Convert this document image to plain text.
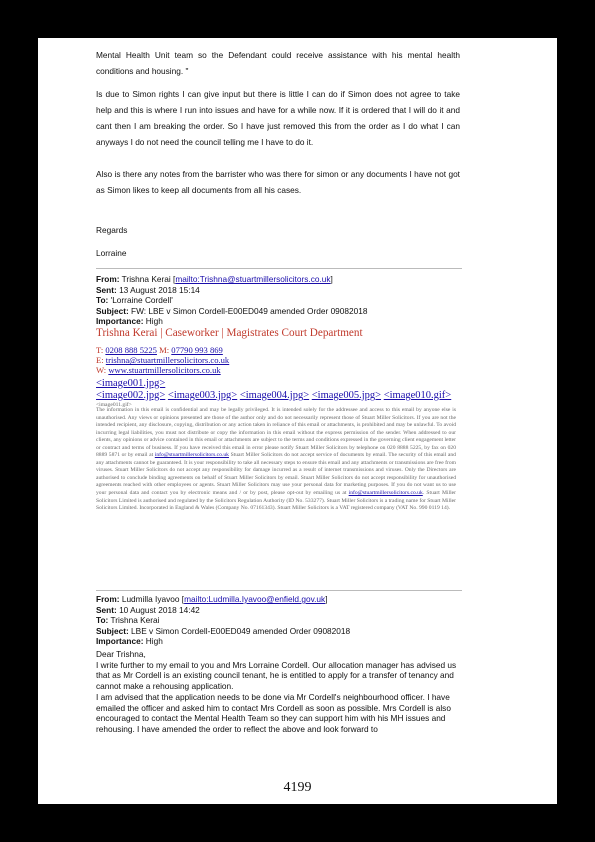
Mental Health Unit team so the Defendant could receive assistance with his mental health conditions and housing. "
Is due to Simon rights I can give input but there is little I can do if Simon does not agree to take help and this is where I run into issues and have for a while now. If it is ordered that I will do it and cant then I am breaking the order. So I have just removed this from the order as I do what I can anyways I do not need the council telling me I have to do it.
Also is there any notes from the barrister who was there for simon or any documents I have not got as Simon likes to keep all documents from all his cases.
Regards
Lorraine
From: Trishna Kerai [mailto:Trishna@stuartmillersolicitors.co.uk]
Sent: 13 August 2018 15:14
To: 'Lorraine Cordell'
Subject: FW: LBE v Simon Cordell-E00ED049 amended Order 09082018
Importance: High
Trishna Kerai | Caseworker | Magistrates Court Department
T: 0208 888 5225 M: 07790 993 869
E: trishna@stuartmillersolicitors.co.uk
W: www.stuartmillersolicitors.co.uk
<image001.jpg>
<image002.jpg> <image003.jpg> <image004.jpg> <image005.jpg> <image010.gif>
<image011.gif>
The information in this email is confidential and may be legally privileged. It is intended solely for the addressee and access to this email by anyone else is unauthorised. Any views or opinions presented are those of the author only and do not necessarily represent those of Stuart Miller Solicitors. If you are not the intended recipient, any disclosure, copying, distribution or any action taken in reliance of this email or attachments, is prohibited and may be unlawful. To avoid incurring legal liabilities, you must not distribute or copy the information in this email without the express permission of the sender. When addressed to our clients, any opinions or advice contained in this email or attachments are subject to the terms and conditions expressed in the governing client engagement letter or contract and terms of business. If you have received this email in error please notify Stuart Miller Solicitors by telephone on 020 8888 5225, by fax on 020 8889 5871 or by email at info@stuartmillersolicitors.co.uk Stuart Miller Solicitors do not accept service of documents by email. The security of this email and any attachments cannot be guaranteed. It is your responsibility to take all necessary steps to ensure this email and any attachments or transmissions are free from viruses. Stuart Miller Solicitors do not accept any responsibility for damage incurred as a result of internet transmissions and viruses. Only the Directors are authorised to conclude binding agreements on behalf of Stuart Miller Solicitors by email. Stuart Miller Solicitors do not accept responsibility for unauthorised agreements reached with other employees or agents. Stuart Miller Solicitors may use your personal data for marketing purposes. If you do not want us to use your personal data and contact you by electronic means and / or by post, please opt-out by emailing us at info@stuartmillersolicitors.co.uk. Stuart Miller Solicitors Limited is authorised and regulated by the Solicitors Regulation Authority (ID No. 533277). Stuart Miller Solicitors is a trading name for Stuart Miller Solicitors Limited. Incorporated in England & Wales (Company No. 07161343). Stuart Miller Solicitors is a VAT registered company (VAT No. 990 0119 14).
From: Ludmilla Iyavoo [mailto:Ludmilla.Iyavoo@enfield.gov.uk]
Sent: 10 August 2018 14:42
To: Trishna Kerai
Subject: LBE v Simon Cordell-E00ED049 amended Order 09082018
Importance: High
Dear Trishna,
I write further to my email to you and Mrs Lorraine Cordell. Our allocation manager has advised us that as Mr Cordell is an existing council tenant, he is entitled to apply for a transfer of tenancy and cannot make a rehousing application.
I am advised that the application needs to be done via Mr Cordell's neighbourhood officer. I have emailed the officer and asked him to contact Mrs Cordell as soon as possible. Mrs Cordell is also encouraged to contact the Mental Health Team so they can support him with his MH issues and rehousing. I have amended the order to reflect the above and look forward to
4199
